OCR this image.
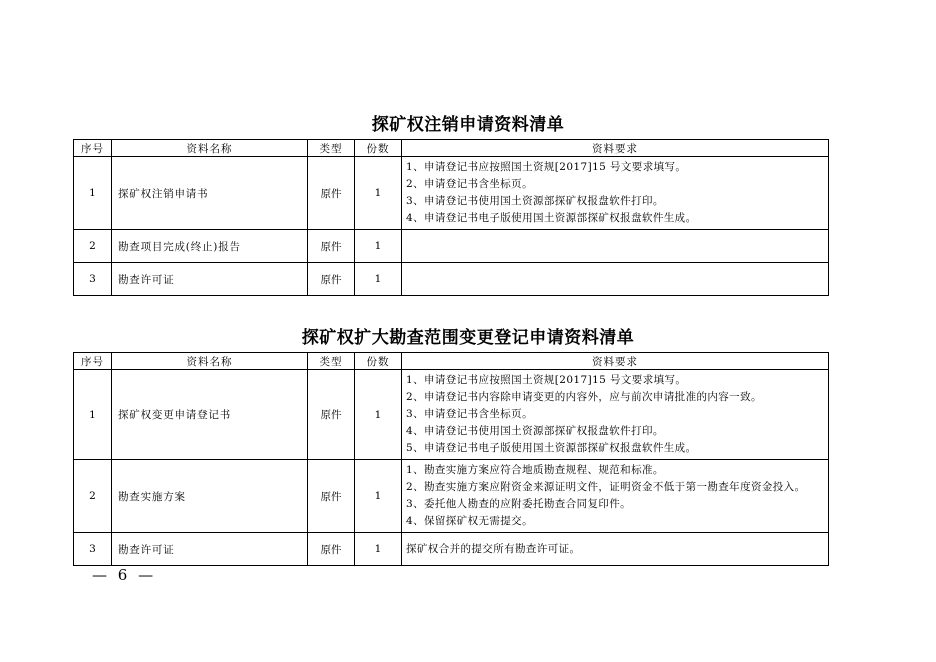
探矿权注销申请资料清单
序号	资料名称	类型	份数	资料要求
1	探矿权注销申请书	原件	1	1、申请登记书应按照国土资规[2017]15 号文要求填写。
2、申请登记书含坐标页。
3、申请登记书使用国土资源部探矿权报盘软件打印。
4、申请登记书电子版使用国土资源部探矿权报盘软件生成。

2	勘查项目完成(终止)报告	原件	1	
3	勘查许可证	原件	1	
探矿权扩大勘查范围变更登记申请资料清单
序号	资料名称	类型	份数	资料要求
1	探矿权变更申请登记书	原件	1	1、申请登记书应按照国土资规[2017]15 号文要求填写。
2、申请登记书内容除申请变更的内容外，应与前次申请批准的内容一致。
3、申请登记书含坐标页。
4、申请登记书使用国土资源部探矿权报盘软件打印。
5、申请登记书电子版使用国土资源部探矿权报盘软件生成。

2	勘查实施方案	原件	1	1、勘查实施方案应符合地质勘查规程、规范和标准。
2、勘查实施方案应附资金来源证明文件，证明资金不低于第一勘查年度资金投入。
3、委托他人勘查的应附委托勘查合同复印件。
4、保留探矿权无需提交。

3	勘查许可证	原件	1	探矿权合并的提交所有勘查许可证。
— 6 —
